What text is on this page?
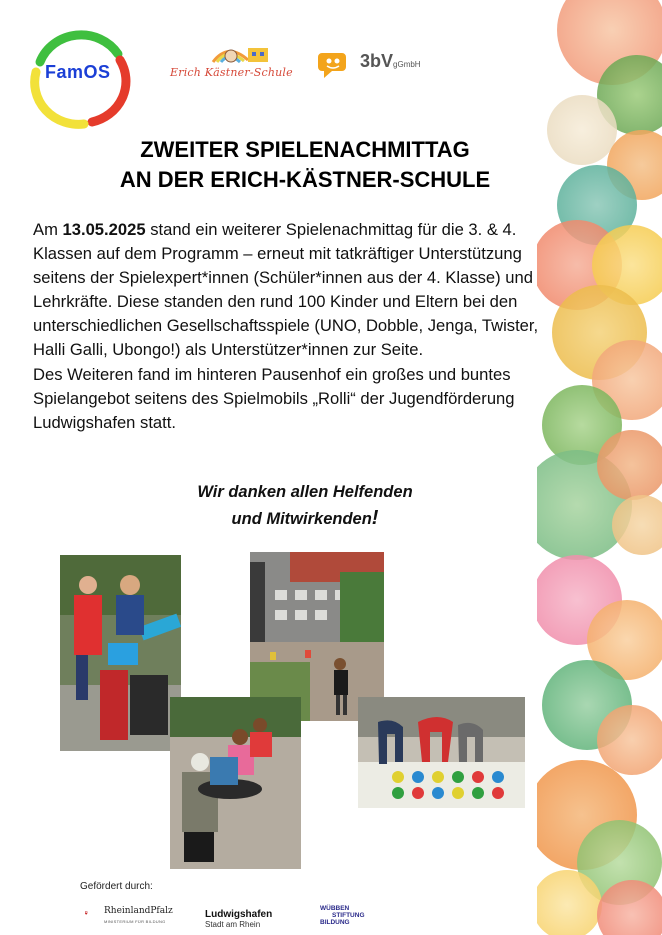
FamOS	Erich Kästner-Schule
3bVgGmbH
ZWEITER SPIELENACHMITTAG
AN DER ERICH-KÄSTNER-SCHULE

Am 13.05.2025 stand ein weiterer Spielenachmittag für die 3. & 4. Klassen auf dem Programm – erneut mit tatkräftiger Unterstützung seitens der Spielexpert*innen (Schüler*innen aus der 4. Klasse) und Lehrkräfte. Diese standen den rund 100 Kinder und Eltern bei den unterschiedlichen Gesellschaftsspiele (UNO, Dobble, Jenga, Twister, Halli Galli, Ubongo!) als Unterstützer*innen zur Seite.

Des Weiteren fand im hinteren Pausenhof ein großes und buntes Spielangebot seitens des Spielmobils „Rolli“ der Jugendförderung Ludwigshafen statt.

Wir danken allen Helfenden
und Mitwirkenden!
Gefördert durch:
RheinlandPfalz
MINISTERIUM FÜR BILDUNG
Ludwigshafen
Stadt am Rhein
WÜBBEN
STIFTUNG
BILDUNG
